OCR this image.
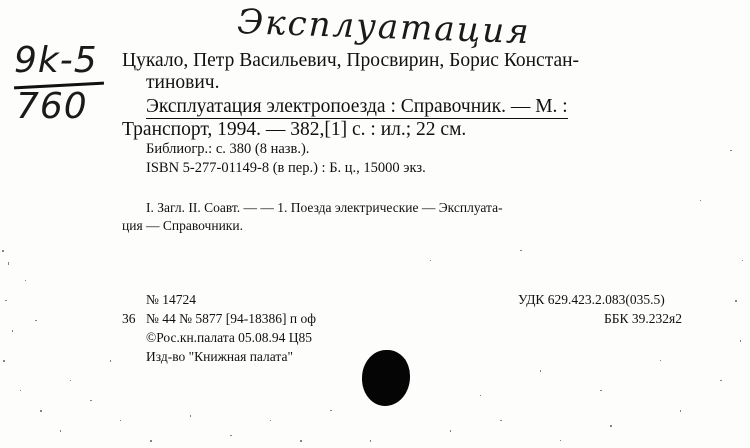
Эксплуатация
9k-5
760
Цукало, Петр Васильевич, Просвирин, Борис Констан-
тинович.
Эксплуатация электропоезда : Справочник. — М. :
Транспорт, 1994. — 382,[1] с. : ил.; 22 см.
Библиогр.: с. 380 (8 назв.).
ISBN 5-277-01149-8 (в пер.) : Б. ц., 15000 экз.
I. Загл. II. Соавт. — — 1. Поезда электрические — Эксплуата-
ция — Справочники.
№ 14724
36 № 44 № 5877 [94-18386] п оф
©Рос.кн.палата 05.08.94 Ц85
Изд-во "Книжная палата"
УДК 629.423.2.083(035.5)
ББК 39.232я2
